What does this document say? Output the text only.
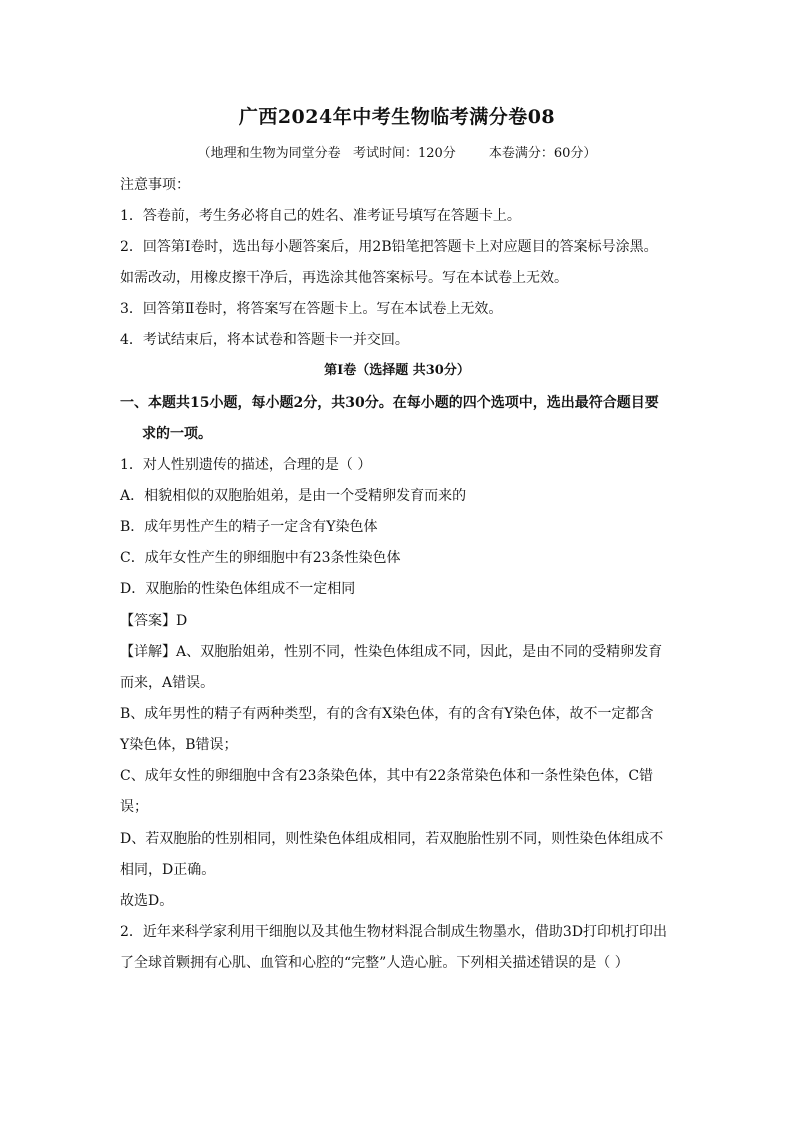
广西2024年中考生物临考满分卷08
（地理和生物为同堂分卷   考试时间：120分	本卷满分：60分）
注意事项：
1．答卷前，考生务必将自己的姓名、准考证号填写在答题卡上。
2．回答第Ⅰ卷时，选出每小题答案后，用2B铅笔把答题卡上对应题目的答案标号涂黑。
如需改动，用橡皮擦干净后，再选涂其他答案标号。写在本试卷上无效。
3．回答第Ⅱ卷时，将答案写在答题卡上。写在本试卷上无效。
4．考试结束后，将本试卷和答题卡一并交回。
第Ⅰ卷（选择题 共30分）
一、本题共15小题，每小题2分，共30分。在每小题的四个选项中，选出最符合题目要
求的一项。
1．对人性别遗传的描述，合理的是（ ）
A．相貌相似的双胞胎姐弟，是由一个受精卵发育而来的
B．成年男性产生的精子一定含有Y染色体
C．成年女性产生的卵细胞中有23条性染色体
D．双胞胎的性染色体组成不一定相同
【答案】D
【详解】A、双胞胎姐弟，性别不同，性染色体组成不同，因此，是由不同的受精卵发育
而来，A错误。
B、成年男性的精子有两种类型，有的含有X染色体，有的含有Y染色体，故不一定都含
Y染色体，B错误；
C、成年女性的卵细胞中含有23条染色体，其中有22条常染色体和一条性染色体，C错
误；
D、若双胞胎的性别相同，则性染色体组成相同，若双胞胎性别不同，则性染色体组成不
相同，D正确。
故选D。
2．近年来科学家利用干细胞以及其他生物材料混合制成生物墨水，借助3D打印机打印出
了全球首颗拥有心肌、血管和心腔的“完整”人造心脏。下列相关描述错误的是（ ）
